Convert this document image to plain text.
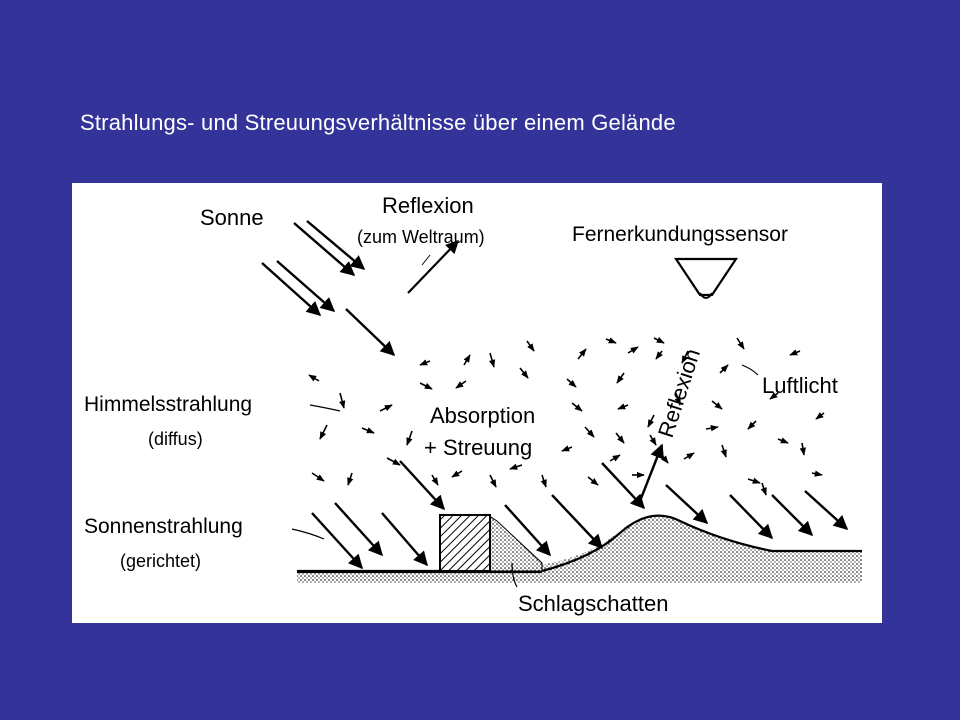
Strahlungs- und Streuungsverhältnisse über einem Gelände
Sonne	Reflexion
(zum Weltraum)	Fernerkundungssensor
Reflexion	Luftlicht
Himmelsstrahlung
(diffus)
Absorption
+ Streuung
Sonnenstrahlung
(gerichtet)
Schlagschatten
